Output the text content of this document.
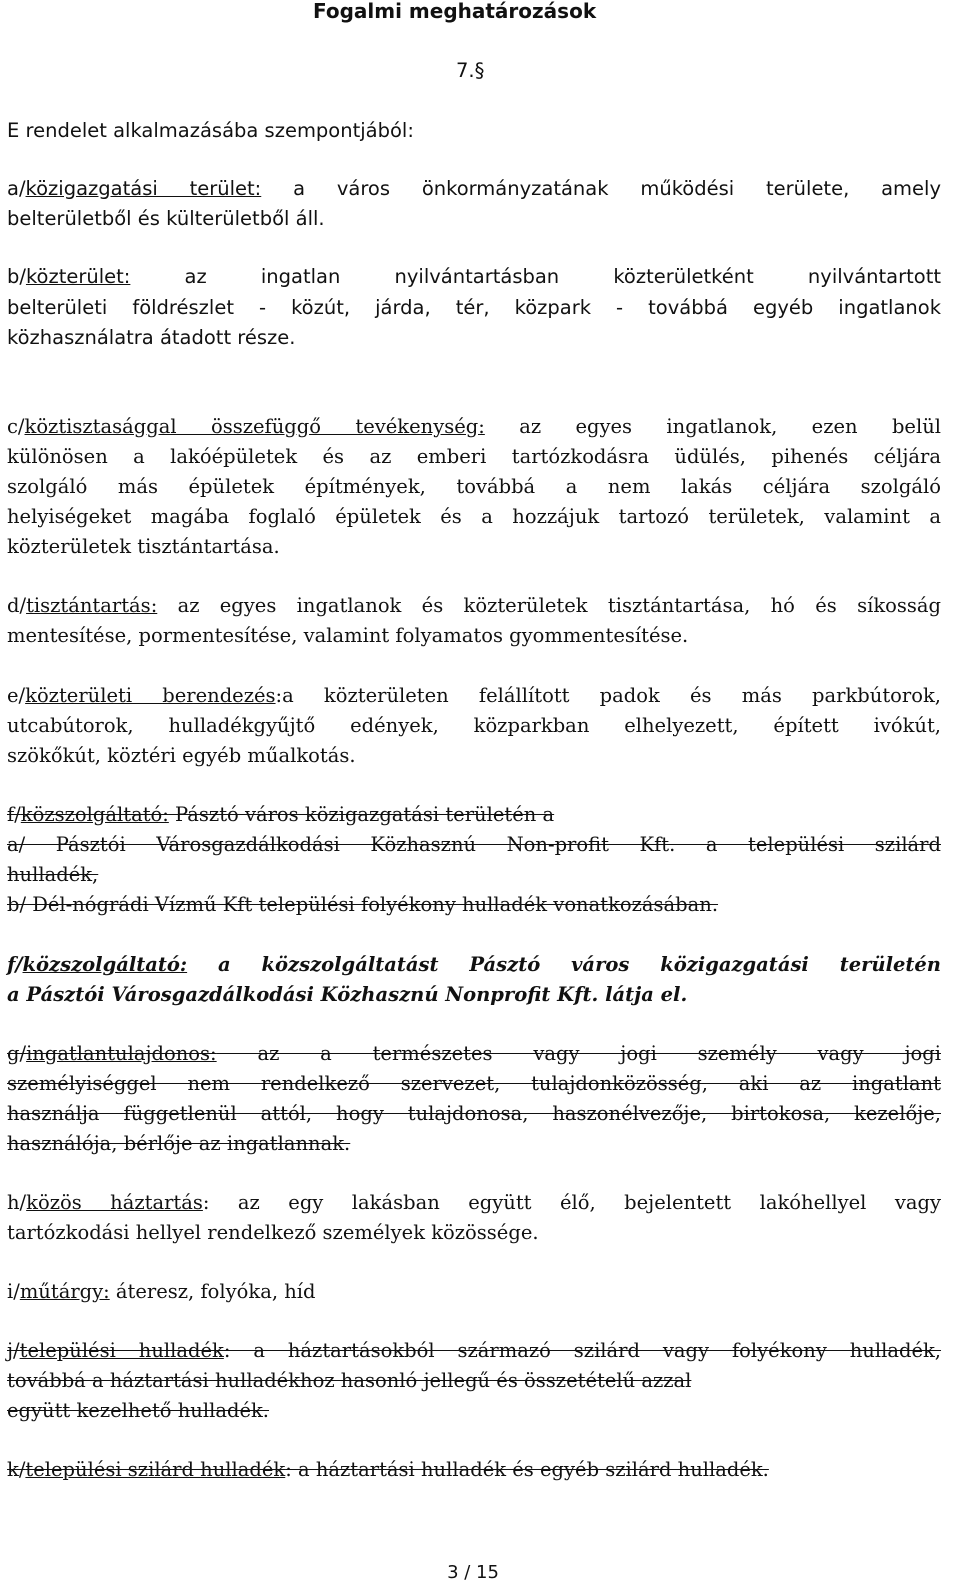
Fogalmi meghatározások
7.§
E rendelet alkalmazásába szempontjából:
a/közigazgatási terület: a város önkormányzatának működési területe, amely
belterületből és külterületből áll.
b/közterület: az ingatlan nyilvántartásban közterületként nyilvántartott
belterületi földrészlet - közút, járda, tér, közpark - továbbá egyéb ingatlanok
közhasználatra átadott része.
c/köztisztasággal összefüggő tevékenység: az egyes ingatlanok, ezen belül
különösen a lakóépületek és az emberi tartózkodásra üdülés, pihenés céljára
szolgáló más épületek építmények, továbbá a nem lakás céljára szolgáló
helyiségeket magába foglaló épületek és a hozzájuk tartozó területek, valamint a
közterületek tisztántartása.
d/tisztántartás: az egyes ingatlanok és közterületek tisztántartása, hó és síkosság
mentesítése, pormentesítése, valamint folyamatos gyommentesítése.
e/közterületi berendezés:a közterületen felállított padok és más parkbútorok,
utcabútorok, hulladékgyűjtő edények, közparkban elhelyezett, épített ivókút,
szökőkút, köztéri egyéb műalkotás.
f/közszolgáltató: Pásztó város közigazgatási területén a
a/ Pásztói Városgazdálkodási Közhasznú Non-profit Kft. a települési szilárd
hulladék,
b/ Dél-nógrádi Vízmű Kft települési folyékony hulladék vonatkozásában.
f/közszolgáltató: a közszolgáltatást Pásztó város közigazgatási területén
a Pásztói Városgazdálkodási Közhasznú Nonprofit Kft. látja el.
g/ingatlantulajdonos: az a természetes vagy jogi személy vagy jogi
személyiséggel nem rendelkező szervezet, tulajdonközösség, aki az ingatlant
használja függetlenül attól, hogy tulajdonosa, haszonélvezője, birtokosa, kezelője,
használója, bérlője az ingatlannak.
h/közös háztartás: az egy lakásban együtt élő, bejelentett lakóhellyel vagy
tartózkodási hellyel rendelkező személyek közössége.
i/műtárgy: áteresz, folyóka, híd
j/települési hulladék: a háztartásokból származó szilárd vagy folyékony hulladék,
továbbá a háztartási hulladékhoz hasonló jellegű és összetételű azzal
együtt kezelhető hulladék.
k/települési szilárd hulladék: a háztartási hulladék és egyéb szilárd hulladék.
3 / 15
